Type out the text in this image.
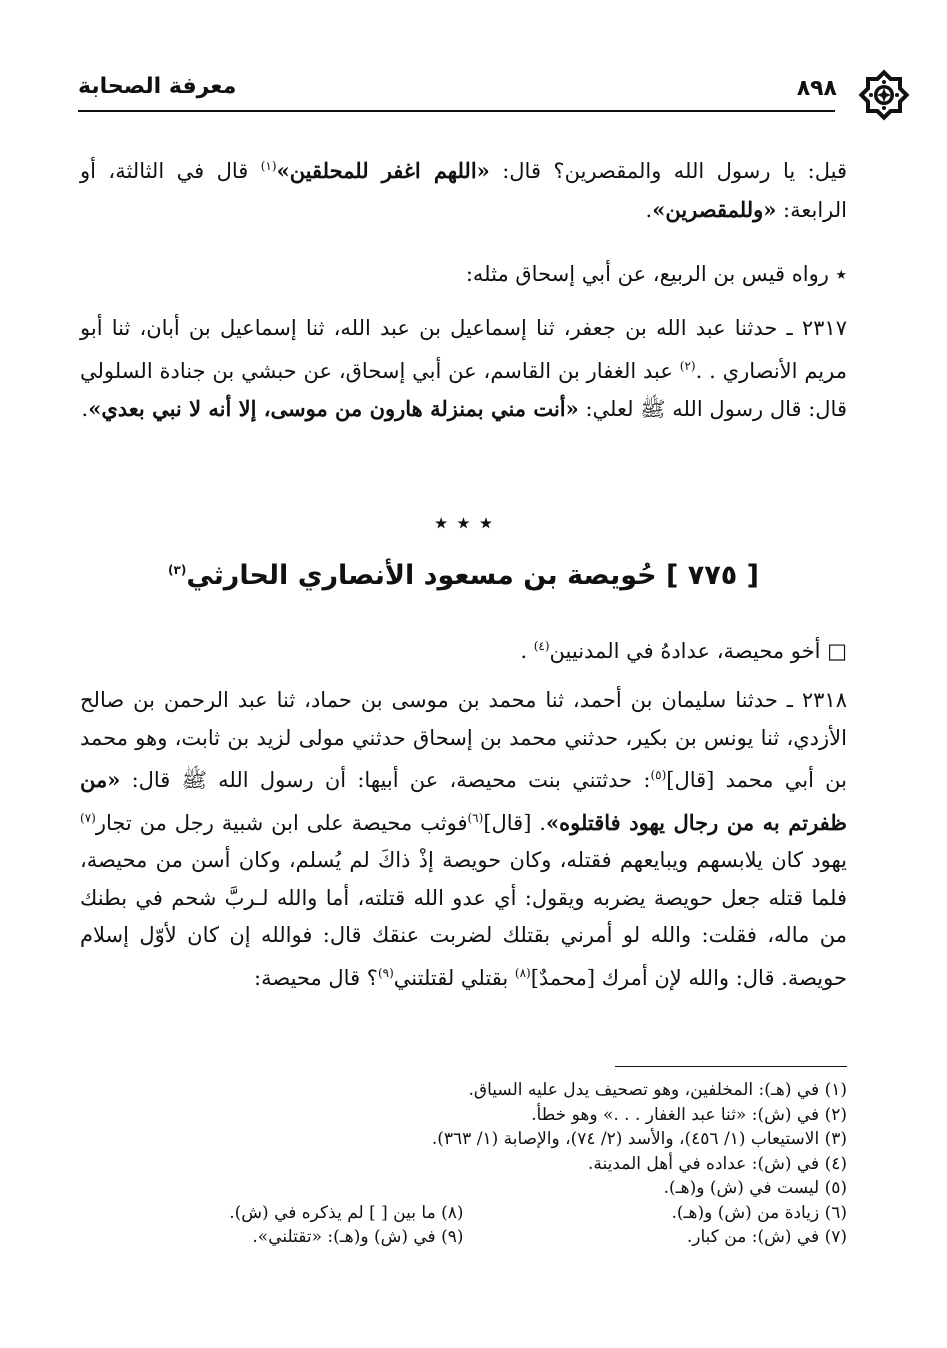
٨٩٨
معرفة الصحابة
قيل: يا رسول الله والمقصرين؟ قال: «اللهم اغفر للمحلقين»$^{(١)}$ قال في الثالثة، أو الرابعة: «وللمقصرين».
٭ رواه قيس بن الربيع، عن أبي إسحاق مثله:
٢٣١٧ ـ حدثنا عبد الله بن جعفر، ثنا إسماعيل بن عبد الله، ثنا إسماعيل بن أبان، ثنا أبو مريم الأنصاري . .$^{(٢)}$ عبد الغفار بن القاسم، عن أبي إسحاق، عن حبشي بن جنادة السلولي قال: قال رسول الله ﷺ لعلي: «أنت مني بمنزلة هارون من موسى، إلا أنه لا نبي بعدي».
٭ ٭ ٭
[ ٧٧٥ ] حُويصة بن مسعود الأنصاري الحارثي$^{(٣)}$
□ أخو محيصة، عدادهُ في المدنيين$^{(٤)}$ .
٢٣١٨ ـ حدثنا سليمان بن أحمد، ثنا محمد بن موسى بن حماد، ثنا عبد الرحمن بن صالح الأزدي، ثنا يونس بن بكير، حدثني محمد بن إسحاق حدثني مولى لزيد بن ثابت، وهو محمد بن أبي محمد [قال]$^{(٥)}$: حدثتني بنت محيصة، عن أبيها: أن رسول الله ﷺ قال: «من ظفرتم به من رجال يهود فاقتلوه». [قال]$^{(٦)}$فوثب محيصة على ابن شبية رجل من تجار$^{(٧)}$ يهود كان يلابسهم ويبايعهم فقتله، وكان حويصة إذْ ذاكَ لم يُسلم، وكان أسن من محيصة، فلما قتله جعل حويصة يضربه ويقول: أي عدو الله قتلته، أما والله لـربَّ شحم في بطنك من ماله، فقلت: والله لو أمرني بقتلك لضربت عنقك قال: فوالله إن كان لأوّل إسلام حويصة. قال: والله لإن أمرك [محمدٌ]$^{(٨)}$ بقتلي لقتلتني$^{(٩)}$؟ قال محيصة:
(١) في (هـ): المخلفين، وهو تصحيف يدل عليه السياق.
(٢) في (ش): «ثنا عبد الغفار . . .» وهو خطأ.
(٣) الاستيعاب (١/ ٤٥٦)، والأسد (٢/ ٧٤)، والإصابة (١/ ٣٦٣).
(٤) في (ش): عداده في أهل المدينة.
(٥) ليست في (ش) و(هـ).
(٦) زيادة من (ش) و(هـ).
(٨) ما بين [ ] لم يذكره في (ش).
(٧) في (ش): من كبار.
(٩) في (ش) و(هـ): «تقتلني».
